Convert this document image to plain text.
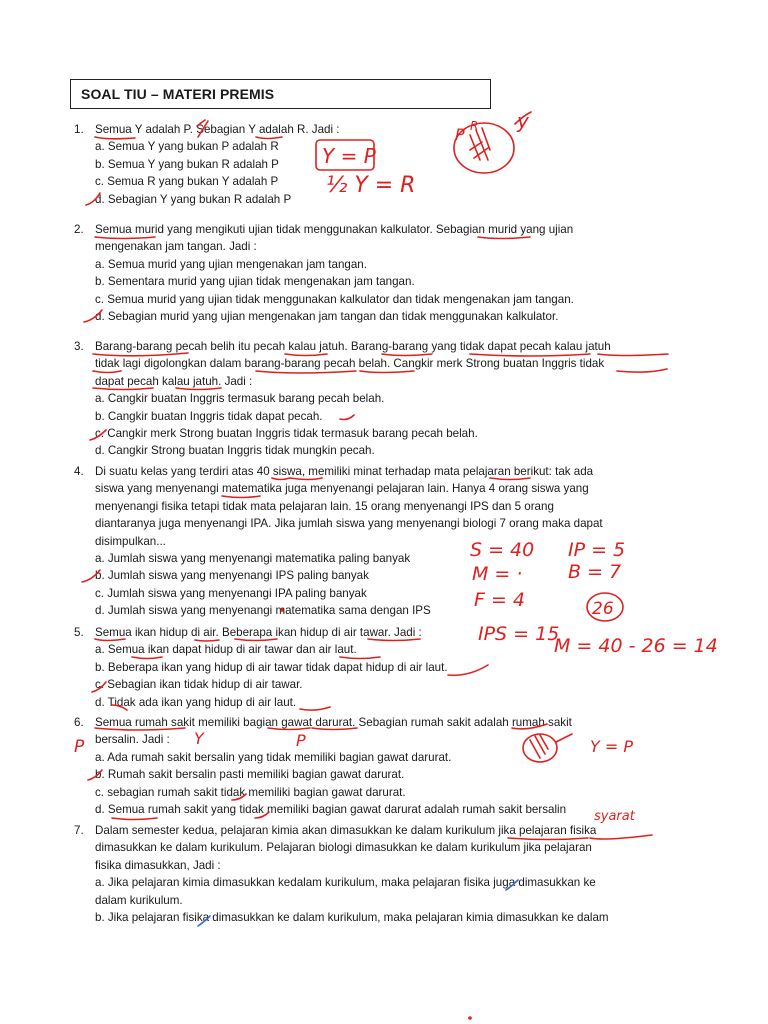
SOAL TIU – MATERI PREMIS
1. Semua Y adalah P. Sebagian Y adalah R. Jadi :
a. Semua Y yang bukan P adalah R
b. Semua Y yang bukan R adalah P
c. Semua R yang bukan Y adalah P
d. Sebagian Y yang bukan R adalah P
2. Semua murid yang mengikuti ujian tidak menggunakan kalkulator. Sebagian murid yang ujian
mengenakan jam tangan. Jadi :
a. Semua murid yang ujian mengenakan jam tangan.
b. Sementara murid yang ujian tidak mengenakan jam tangan.
c. Semua murid yang ujian tidak menggunakan kalkulator dan tidak mengenakan jam tangan.
d. Sebagian murid yang ujian mengenakan jam tangan dan tidak menggunakan kalkulator.
3. Barang-barang pecah belih itu pecah kalau jatuh. Barang-barang yang tidak dapat pecah kalau jatuh
tidak lagi digolongkan dalam barang-barang pecah belah. Cangkir merk Strong buatan Inggris tidak
dapat pecah kalau jatuh. Jadi :
a. Cangkir buatan Inggris termasuk barang pecah belah.
b. Cangkir buatan Inggris tidak dapat pecah.
c. Cangkir merk Strong buatan Inggris tidak termasuk barang pecah belah.
d. Cangkir Strong buatan Inggris tidak mungkin pecah.
4. Di suatu kelas yang terdiri atas 40 siswa, memiliki minat terhadap mata pelajaran berikut: tak ada
siswa yang menyenangi matematika juga menyenangi pelajaran lain. Hanya 4 orang siswa yang
menyenangi fisika tetapi tidak mata pelajaran lain. 15 orang menyenangi IPS dan 5 orang
diantaranya juga menyenangi IPA. Jika jumlah siswa yang menyenangi biologi 7 orang maka dapat
disimpulkan...
a. Jumlah siswa yang menyenangi matematika paling banyak
b. Jumlah siswa yang menyenangi IPS paling banyak
c. Jumlah siswa yang menyenangi IPA paling banyak
d. Jumlah siswa yang menyenangi matematika sama dengan IPS
5. Semua ikan hidup di air. Beberapa ikan hidup di air tawar. Jadi :
a. Semua ikan dapat hidup di air tawar dan air laut.
b. Beberapa ikan yang hidup di air tawar tidak dapat hidup di air laut.
c. Sebagian ikan tidak hidup di air tawar.
d. Tidak ada ikan yang hidup di air laut.
6. Semua rumah sakit memiliki bagian gawat darurat. Sebagian rumah sakit adalah rumah sakit
bersalin. Jadi :
a. Ada rumah sakit bersalin yang tidak memiliki bagian gawat darurat.
b. Rumah sakit bersalin pasti memiliki bagian gawat darurat.
c. sebagian rumah sakit tidak memiliki bagian gawat darurat.
d. Semua rumah sakit yang tidak memiliki bagian gawat darurat adalah rumah sakit bersalin
7. Dalam semester kedua, pelajaran kimia akan dimasukkan ke dalam kurikulum jika pelajaran fisika
dimasukkan ke dalam kurikulum. Pelajaran biologi dimasukkan ke dalam kurikulum jika pelajaran
fisika dimasukkan, Jadi :
a. Jika pelajaran kimia dimasukkan kedalam kurikulum, maka pelajaran fisika juga dimasukkan ke
dalam kurikulum.
b. Jika pelajaran fisika dimasukkan ke dalam kurikulum, maka pelajaran kimia dimasukkan ke dalam
P R y
Y = P
½ Y = R
S = 40 IP = 5
B = 7
M = ·
F = 4
IPS = 15
26
M = 40 - 26 = 14
P	Y	P	Y = P
syarat
